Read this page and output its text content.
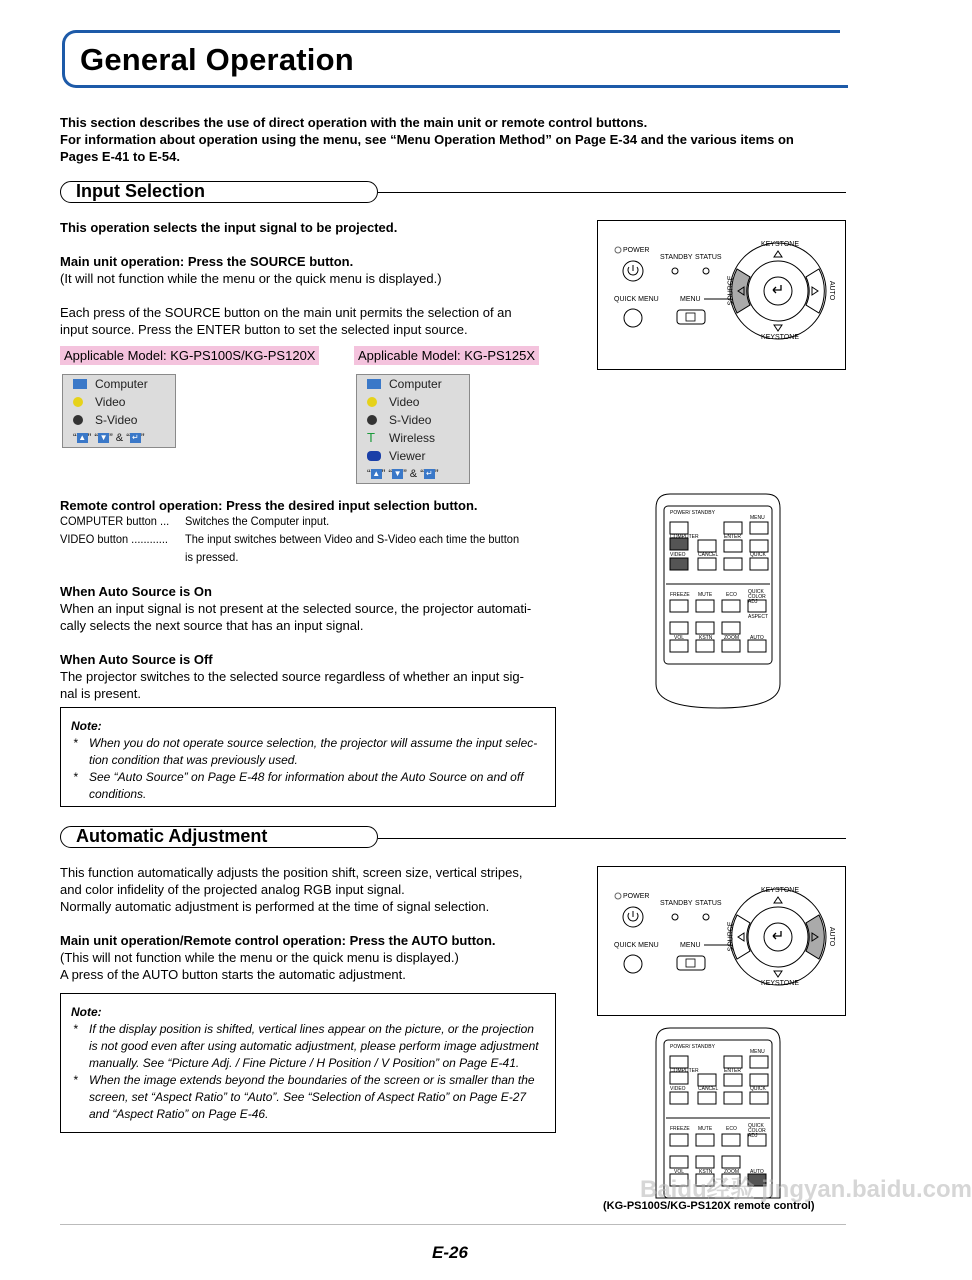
General Operation
This section describes the use of direct operation with the main unit or remote control buttons.
For information about operation using the menu, see “Menu Operation Method” on Page E-34 and the various items on
Pages E-41 to E-54.
Input Selection
This operation selects the input signal to be projected.
Main unit operation: Press the SOURCE button.
(It will not function while the menu or the quick menu is displayed.)
Each press of the SOURCE button on the main unit permits the selection of an
input source. Press the ENTER button to set the selected input source.
Applicable Model: KG-PS100S/KG-PS120X	Applicable Model: KG-PS125X
Computer
Video
S-Video
“ ▲ ” “ ▼ ” & “ ↵ ”
Computer
Video
S-Video
T	Wireless
Viewer
“ ▲ ” “ ▼ ” & “ ↵ ”
Remote control operation: Press the desired input selection button.
COMPUTER button ... Switches the Computer input.
VIDEO button ............ The input switches between Video and S-Video each time the button
is pressed.
When Auto Source is On
When an input signal is not present at the selected source, the projector automati-
cally selects the next source that has an input signal.
When Auto Source is Off
The projector switches to the selected source regardless of whether an input sig-
nal is present.
Note:
* When you do not operate source selection, the projector will assume the input selec-
tion condition that was previously used.
* See “Auto Source” on Page E-48 for information about the Auto Source on and off
conditions.
Automatic Adjustment
This function automatically adjusts the position shift, screen size, vertical stripes,
and color infidelity of the projected analog RGB input signal.
Normally automatic adjustment is performed at the time of signal selection.
Main unit operation/Remote control operation: Press the AUTO button.
(This will not function while the menu or the quick menu is displayed.)
A press of the AUTO button starts the automatic adjustment.
Note:
* If the display position is shifted, vertical lines appear on the picture, or the projection
is not good even after using automatic adjustment, please perform image adjustment
manually. See “Picture Adj. / Fine Picture / H Position / V Position” on Page E-41.
* When the image extends beyond the boundaries of the screen or is smaller than the
screen, set “Aspect Ratio” to “Auto”. See “Selection of Aspect Ratio” on Page E-27
and “Aspect Ratio” on Page E-46.
POWER
STANDBY STATUS
QUICK MENU	MENU
KEYSTONE
KEYSTONE
SOURCE	AUTO
POWER
STANDBY STATUS
QUICK MENU	MENU
KEYSTONE
KEYSTONE
SOURCE	AUTO
POWER/ STANDBY
MENU
COMPUTER	ENTER
VIDEO CANCEL	QUICK
FREEZE MUTE	ECO QUICK COLOR ADJ
ASPECT
VOL	KSTN ZOOM AUTO
POWER/ STANDBY
MENU
COMPUTER	ENTER
VIDEO CANCEL	QUICK
FREEZE MUTE	ECO QUICK COLOR ADJ
VOL	KSTN ZOOM AUTO
(KG-PS100S/KG-PS120X remote control)
Baidu经验 jingyan.baidu.com
E-26
